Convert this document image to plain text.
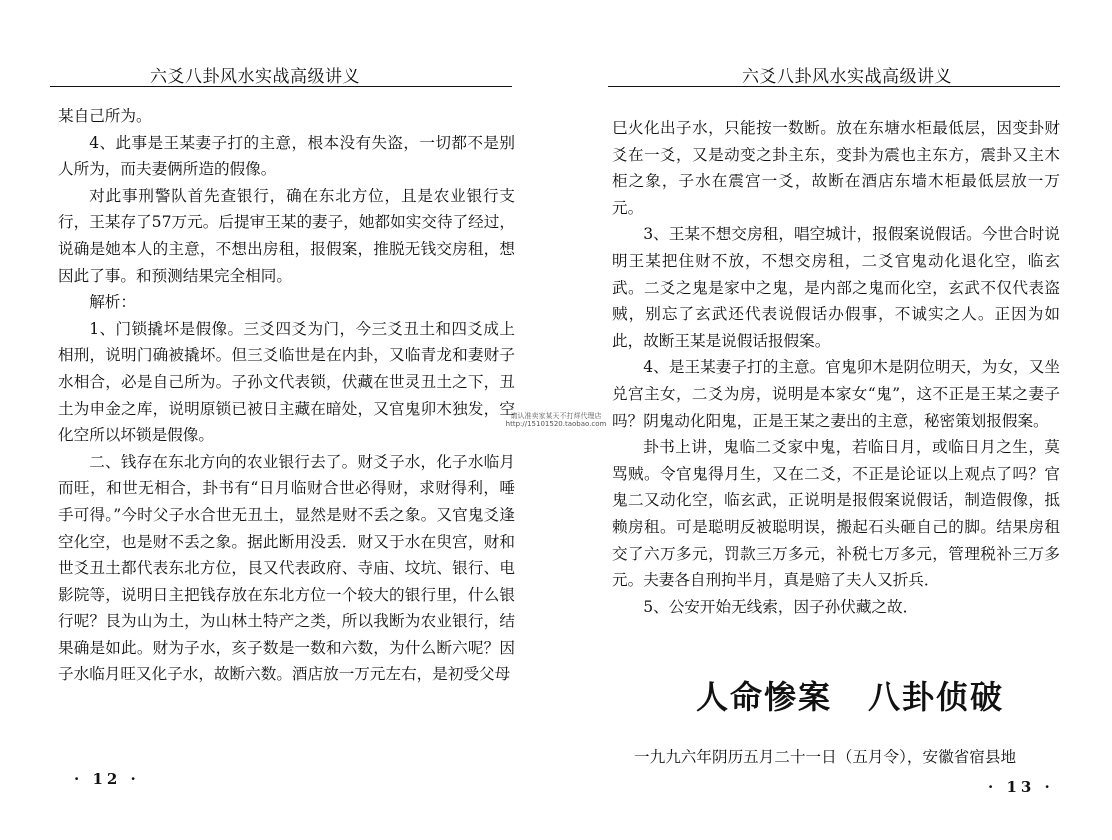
六爻八卦风水实战高级讲义

某自己所为。

4、此事是王某妻子打的主意，根本没有失盗，一切都不是别人所为，而夫妻俩所造的假像。

对此事刑警队首先查银行，确在东北方位，且是农业银行支行，王某存了57万元。后提审王某的妻子，她都如实交待了经过，说确是她本人的主意，不想出房租，报假案，推脱无钱交房租，想因此了事。和预测结果完全相同。

解析：

1、门锁撬坏是假像。三爻四爻为门，今三爻丑土和四爻成上相刑，说明门确被撬坏。但三爻临世是在内卦，又临青龙和妻财子水相合，必是自己所为。子孙文代表锁，伏藏在世灵丑土之下，丑土为申金之库，说明原锁已被日主藏在暗处，又官鬼卯木独发，空化空所以坏锁是假像。

二、钱存在东北方向的农业银行去了。财爻子水，化子水临月而旺，和世无相合，卦书有“日月临财合世必得财，求财得利，唾手可得。”今时父子水合世无丑土，显然是财不丢之象。又官鬼爻逢空化空，也是财不丢之象。据此断用没丢．财又于水在臾宫，财和世爻丑土都代表东北方位，艮又代表政府、寺庙、坟坑、银行、电影院等，说明日主把钱存放在东北方位一个较大的银行里，什么银行呢？艮为山为土，为山林土特产之类，所以我断为农业银行，结果确是如此。财为子水，亥子数是一数和六数，为什么断六呢？因子水临月旺又化子水，故断六数。酒店放一万元左右，是初受父母

· 12 ·
六爻八卦风水实战高级讲义

巳火化出子水，只能按一数断。放在东塘水柜最低层，因变卦财爻在一爻，又是动变之卦主东，变卦为震也主东方，震卦又主木柜之象，子水在震宫一爻，故断在酒店东墙木柜最低层放一万元。

3、王某不想交房租，唱空城计，报假案说假话。今世合时说明王某把住财不放，不想交房租，二爻官鬼动化退化空，临玄武。二爻之鬼是家中之鬼，是内部之鬼而化空，玄武不仅代表盗贼，别忘了玄武还代表说假话办假事，不诚实之人。正因为如此，故断王某是说假话报假案。

4、是王某妻子打的主意。官鬼卯木是阴位明天，为女，又坐兑宫主女，二爻为房，说明是本家女“鬼”，这不正是王某之妻子吗？阴鬼动化阳鬼，正是王某之妻出的主意，秘密策划报假案。

卦书上讲，鬼临二爻家中鬼，若临日月，或临日月之生，莫骂贼。令官鬼得月生，又在二爻，不正是论证以上观点了吗？官鬼二又动化空，临玄武，正说明是报假案说假话，制造假像，抵赖房租。可是聪明反被聪明误，搬起石头砸自己的脚。结果房租交了六万多元，罚款三万多元，补税七万多元，管理税补三万多元。夫妻各自刑拘半月，真是赔了夫人又折兵．

5、公安开始无线索，因子孙伏藏之故．

人命惨案 八卦侦破
一九九六年阴历五月二十一日（五月令），安徽省宿县地
· 13 ·
请认准卖家某天不打烊代理店 http://15101520.taobao.com
